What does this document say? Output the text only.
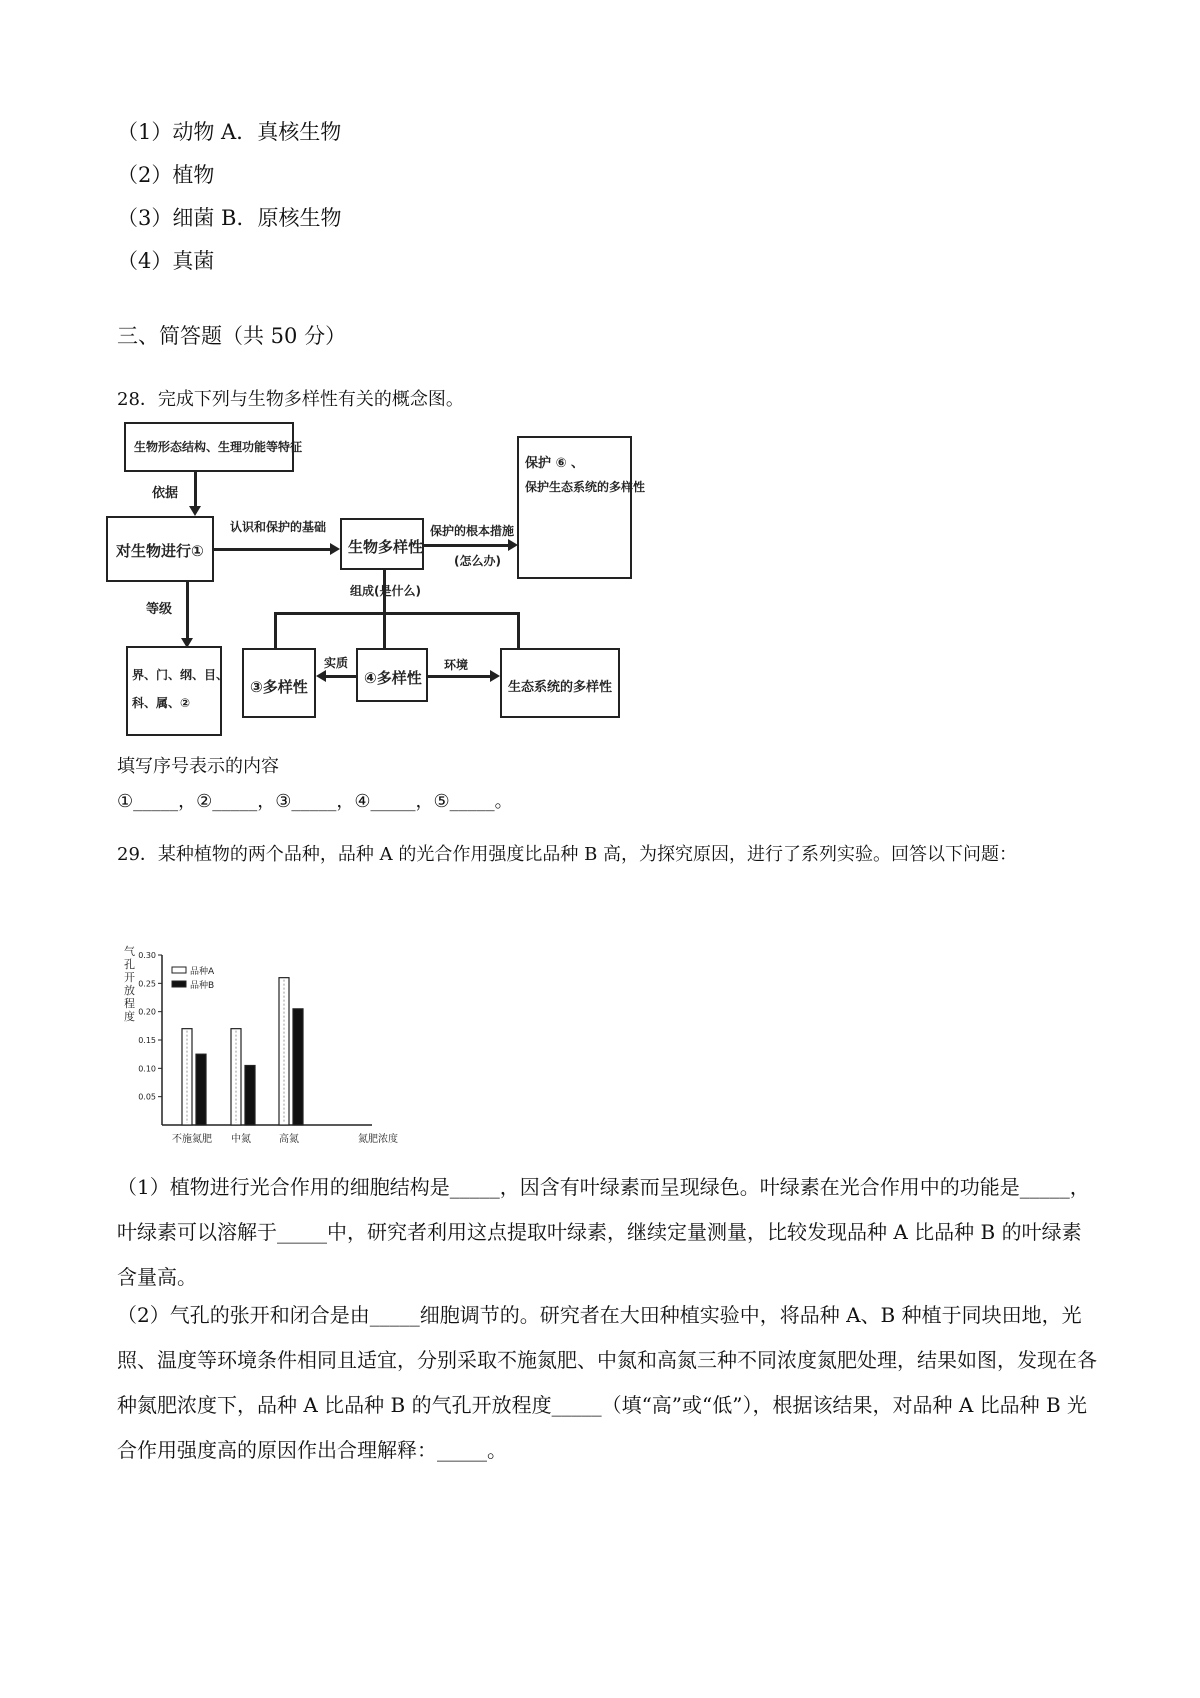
（1）动物 A．真核生物
（2）植物
（3）细菌 B．原核生物
（4）真菌
三、简答题（共 50 分）
28．完成下列与生物多样性有关的概念图。
生物形态结构、生理功能等特征
依据
对生物进行①
认识和保护的基础
生物多样性
保护的根本措施
(怎么办)
保护 ⑥ 、
保护生态系统的多样性
等级
界、门、纲、目、
科、属、②
组成(是什么)
③多样性
实质
④多样性
环境
生态系统的多样性
填写序号表示的内容
①_____，②_____，③_____，④_____，⑤_____。
29．某种植物的两个品种，品种 A 的光合作用强度比品种 B 高，为探究原因，进行了系列实验。回答以下问题：
气
孔
开
放
程
度
0.05
0.10
0.15
0.20
0.25
0.30
不施氮肥 中氮	高氮
品种A
品种B
氮肥浓度
（1）植物进行光合作用的细胞结构是_____，因含有叶绿素而呈现绿色。叶绿素在光合作用中的功能是_____，叶绿素可以溶解于_____中，研究者利用这点提取叶绿素，继续定量测量，比较发现品种 A 比品种 B 的叶绿素含量高。
（2）气孔的张开和闭合是由_____细胞调节的。研究者在大田种植实验中，将品种 A、B 种植于同块田地，光照、温度等环境条件相同且适宜，分别采取不施氮肥、中氮和高氮三种不同浓度氮肥处理，结果如图，发现在各种氮肥浓度下，品种 A 比品种 B 的气孔开放程度_____（填“高”或“低”），根据该结果，对品种 A 比品种 B 光合作用强度高的原因作出合理解释：_____。
